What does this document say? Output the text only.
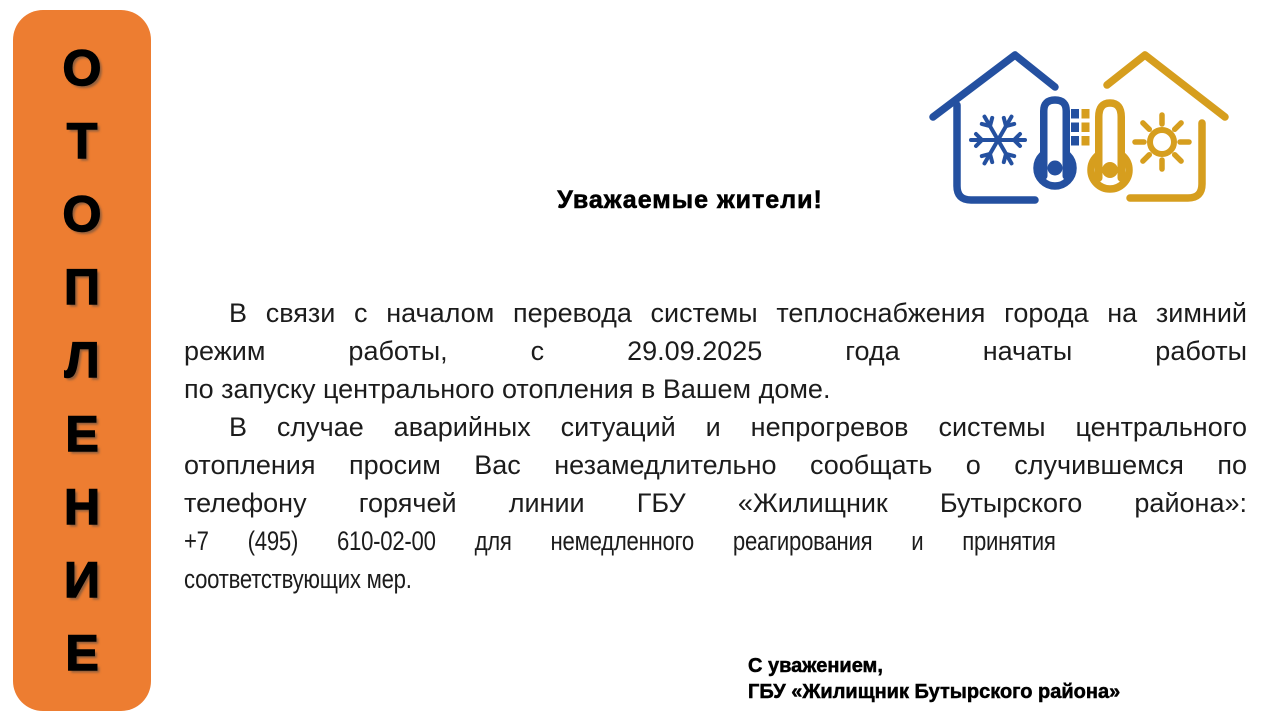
О
Т
О
П
Л
Е
Н
И
Е
Уважаемые жители!
В связи с началом перевода системы теплоснабжения города на зимний
режим работы, с 29.09.2025 года начаты работы
по запуску центрального отопления в Вашем доме.
В случае аварийных ситуаций и непрогревов системы центрального
отопления просим Вас незамедлительно сообщать о случившемся по
телефону горячей линии ГБУ «Жилищник Бутырского района»:
+7 (495) 610-02-00 для немедленного реагирования и принятия
соответствующих мер.
С уважением,
ГБУ «Жилищник Бутырского района»
